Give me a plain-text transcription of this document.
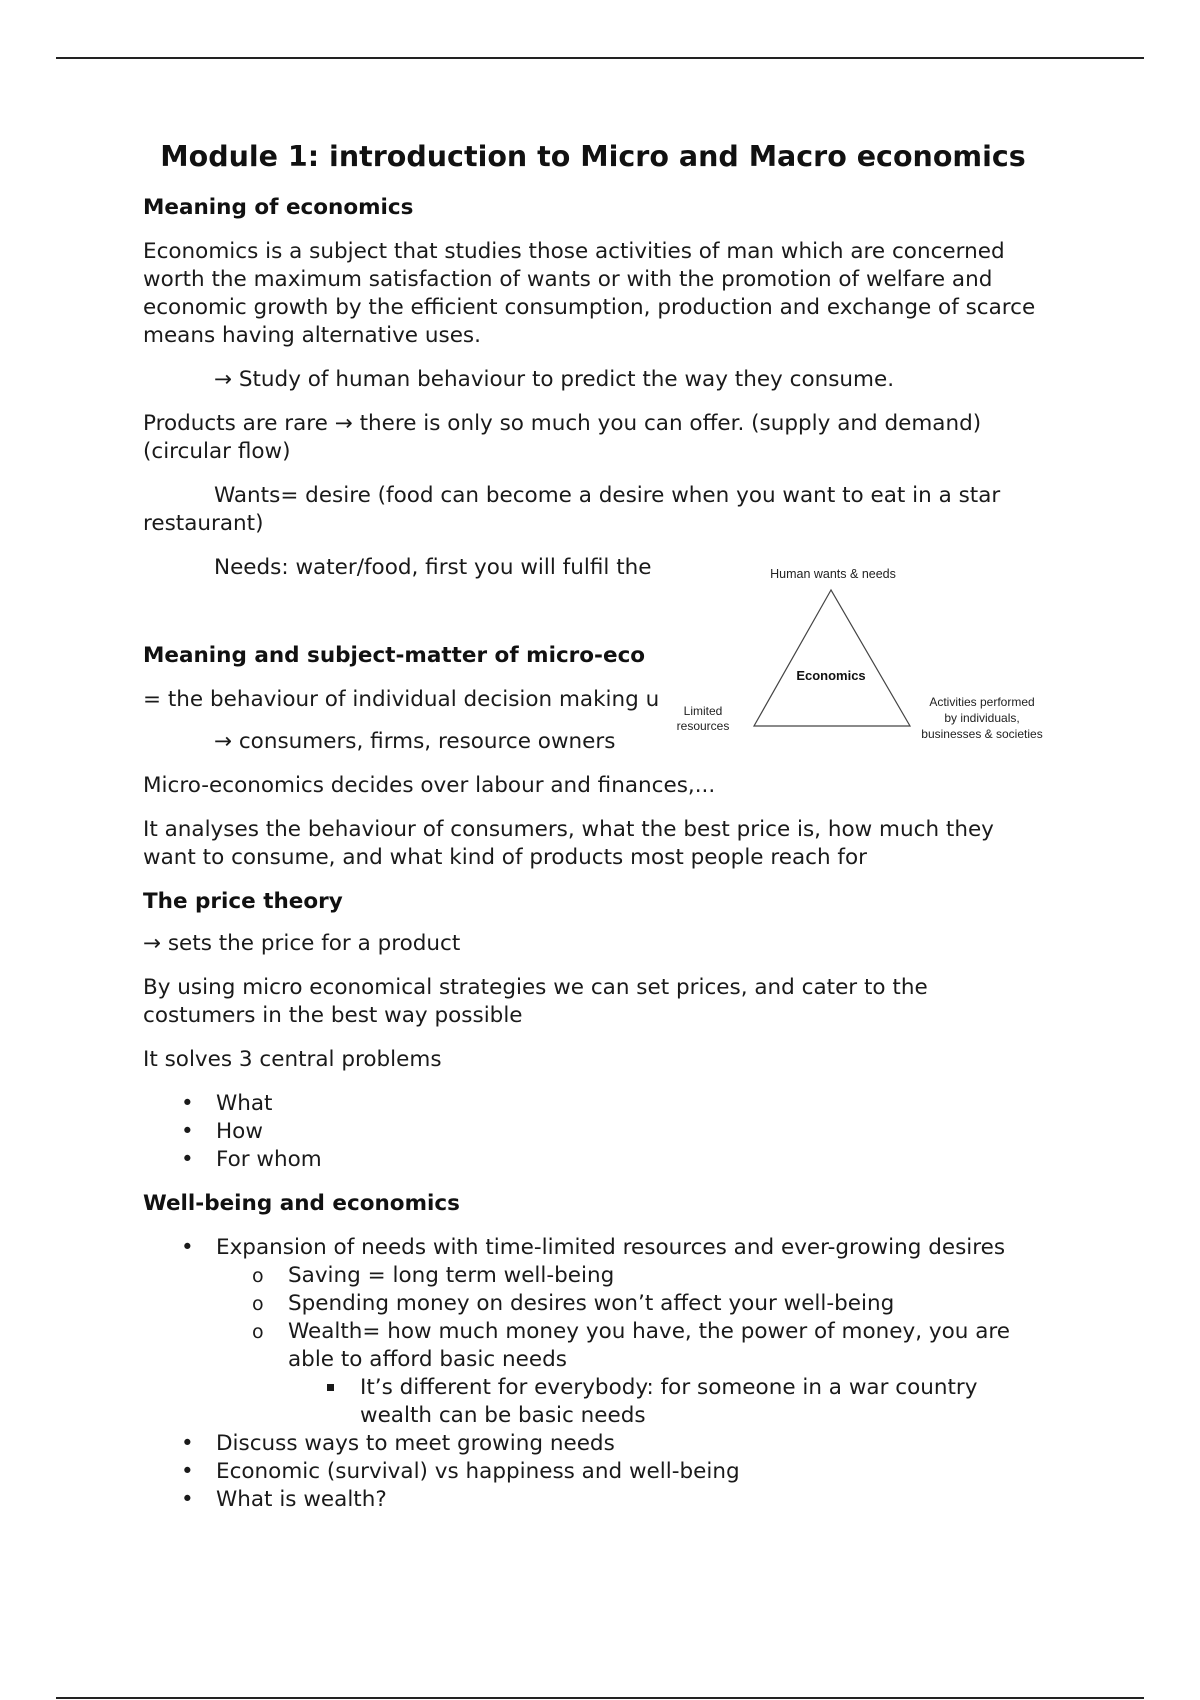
Module 1: introduction to Micro and Macro economics
Meaning of economics

Economics is a subject that studies those activities of man which are concerned worth the maximum satisfaction of wants or with the promotion of welfare and economic growth by the efficient consumption, production and exchange of scarce means having alternative uses.

→ Study of human behaviour to predict the way they consume.

Products are rare → there is only so much you can offer. (supply and demand) (circular flow)

Wants= desire (food can become a desire when you want to eat in a star restaurant)

Needs: water/food, first you will fulfil the

Meaning and subject-matter of micro-eco

= the behaviour of individual decision making u

→ consumers, firms, resource owners

Micro-economics decides over labour and finances,...

It analyses the behaviour of consumers, what the best price is, how much they want to consume, and what kind of products most people reach for

The price theory

→ sets the price for a product

By using micro economical strategies we can set prices, and cater to the costumers in the best way possible

It solves 3 central problems

• What
• How
• For whom
Well-being and economics
• Expansion of needs with time-limited resources and ever-growing desires
o Saving = long term well-being
o Spending money on desires won’t affect your well-being
o Wealth= how much money you have, the power of money, you are able to afford basic needs
It’s different for everybody: for someone in a war country wealth can be basic needs
• Discuss ways to meet growing needs
• Economic (survival) vs happiness and well-being
• What is wealth?
Human wants & needs
Economics
Limited
resources
Activities performed
by individuals,
businesses & societies
